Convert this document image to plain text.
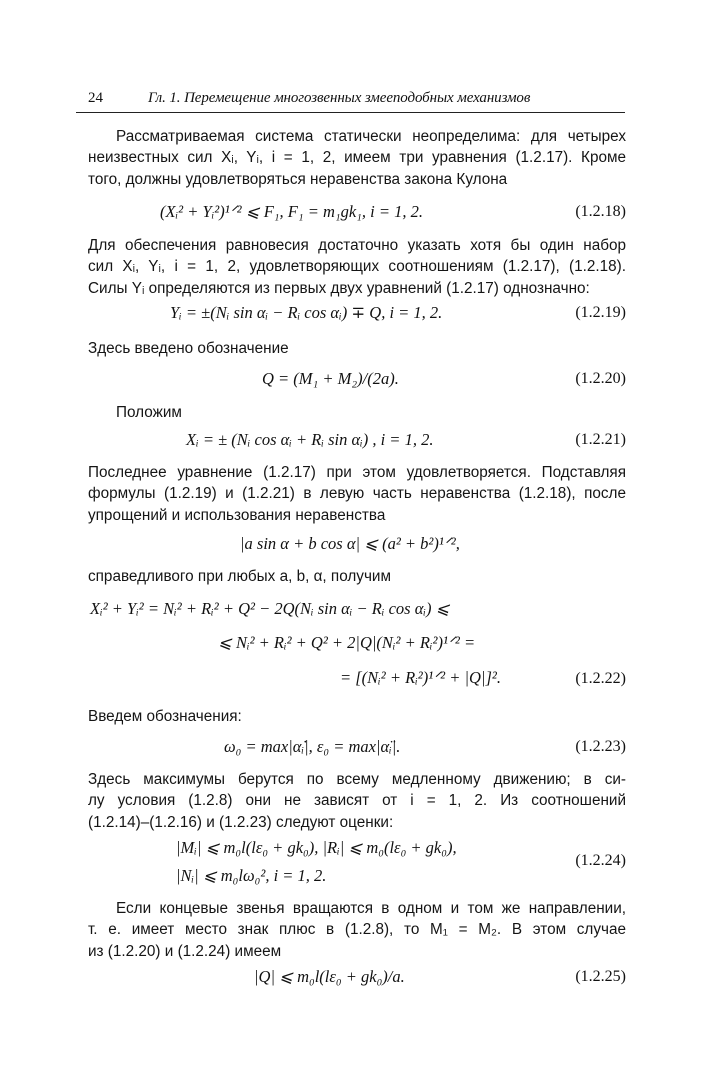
24	Гл. 1. Перемещение многозвенных змееподобных механизмов
Рассматриваемая система статически неопределима: для четырех
неизвестных сил Xᵢ, Yᵢ, i = 1, 2, имеем три уравнения (1.2.17). Кроме
того, должны удовлетворяться неравенства закона Кулона
(Xᵢ² + Yᵢ²)¹ᐟ² ⩽ F₁, F₁ = m₁gk₁, i = 1, 2.	(1.2.18)
Для обеспечения равновесия достаточно указать хотя бы один набор
сил Xᵢ, Yᵢ, i = 1, 2, удовлетворяющих соотношениям (1.2.17), (1.2.18).
Силы Yᵢ определяются из первых двух уравнений (1.2.17) однозначно:
Yᵢ = ±(Nᵢ sin αᵢ − Rᵢ cos αᵢ) ∓ Q, i = 1, 2.	(1.2.19)
Здесь введено обозначение
Q = (M₁ + M₂)/(2a).	(1.2.20)
Положим
Xᵢ = ± (Nᵢ cos αᵢ + Rᵢ sin αᵢ) , i = 1, 2.	(1.2.21)
Последнее уравнение (1.2.17) при этом удовлетворяется. Подставляя
формулы (1.2.19) и (1.2.21) в левую часть неравенства (1.2.18), после
упрощений и использования неравенства
|a sin α + b cos α| ⩽ (a² + b²)¹ᐟ²,
справедливого при любых a, b, α, получим
Xᵢ² + Yᵢ² = Nᵢ² + Rᵢ² + Q² − 2Q(Nᵢ sin αᵢ − Rᵢ cos αᵢ) ⩽
⩽ Nᵢ² + Rᵢ² + Q² + 2|Q|(Nᵢ² + Rᵢ²)¹ᐟ² =
= [(Nᵢ² + Rᵢ²)¹ᐟ² + |Q|]².	(1.2.22)
Введем обозначения:
ω₀ = max|α̇ᵢ|, ε₀ = max|α̈ᵢ|.	(1.2.23)
Здесь максимумы берутся по всему медленному движению; в си-
лу условия (1.2.8) они не зависят от i = 1, 2. Из соотношений
(1.2.14)–(1.2.16) и (1.2.23) следуют оценки:
|Mᵢ| ⩽ m₀l(lε₀ + gk₀), |Rᵢ| ⩽ m₀(lε₀ + gk₀),
|Nᵢ| ⩽ m₀lω₀², i = 1, 2.
(1.2.24)
Если концевые звенья вращаются в одном и том же направлении,
т. е. имеет место знак плюс в (1.2.8), то M₁ = M₂. В этом случае
из (1.2.20) и (1.2.24) имеем
|Q| ⩽ m₀l(lε₀ + gk₀)/a.	(1.2.25)
